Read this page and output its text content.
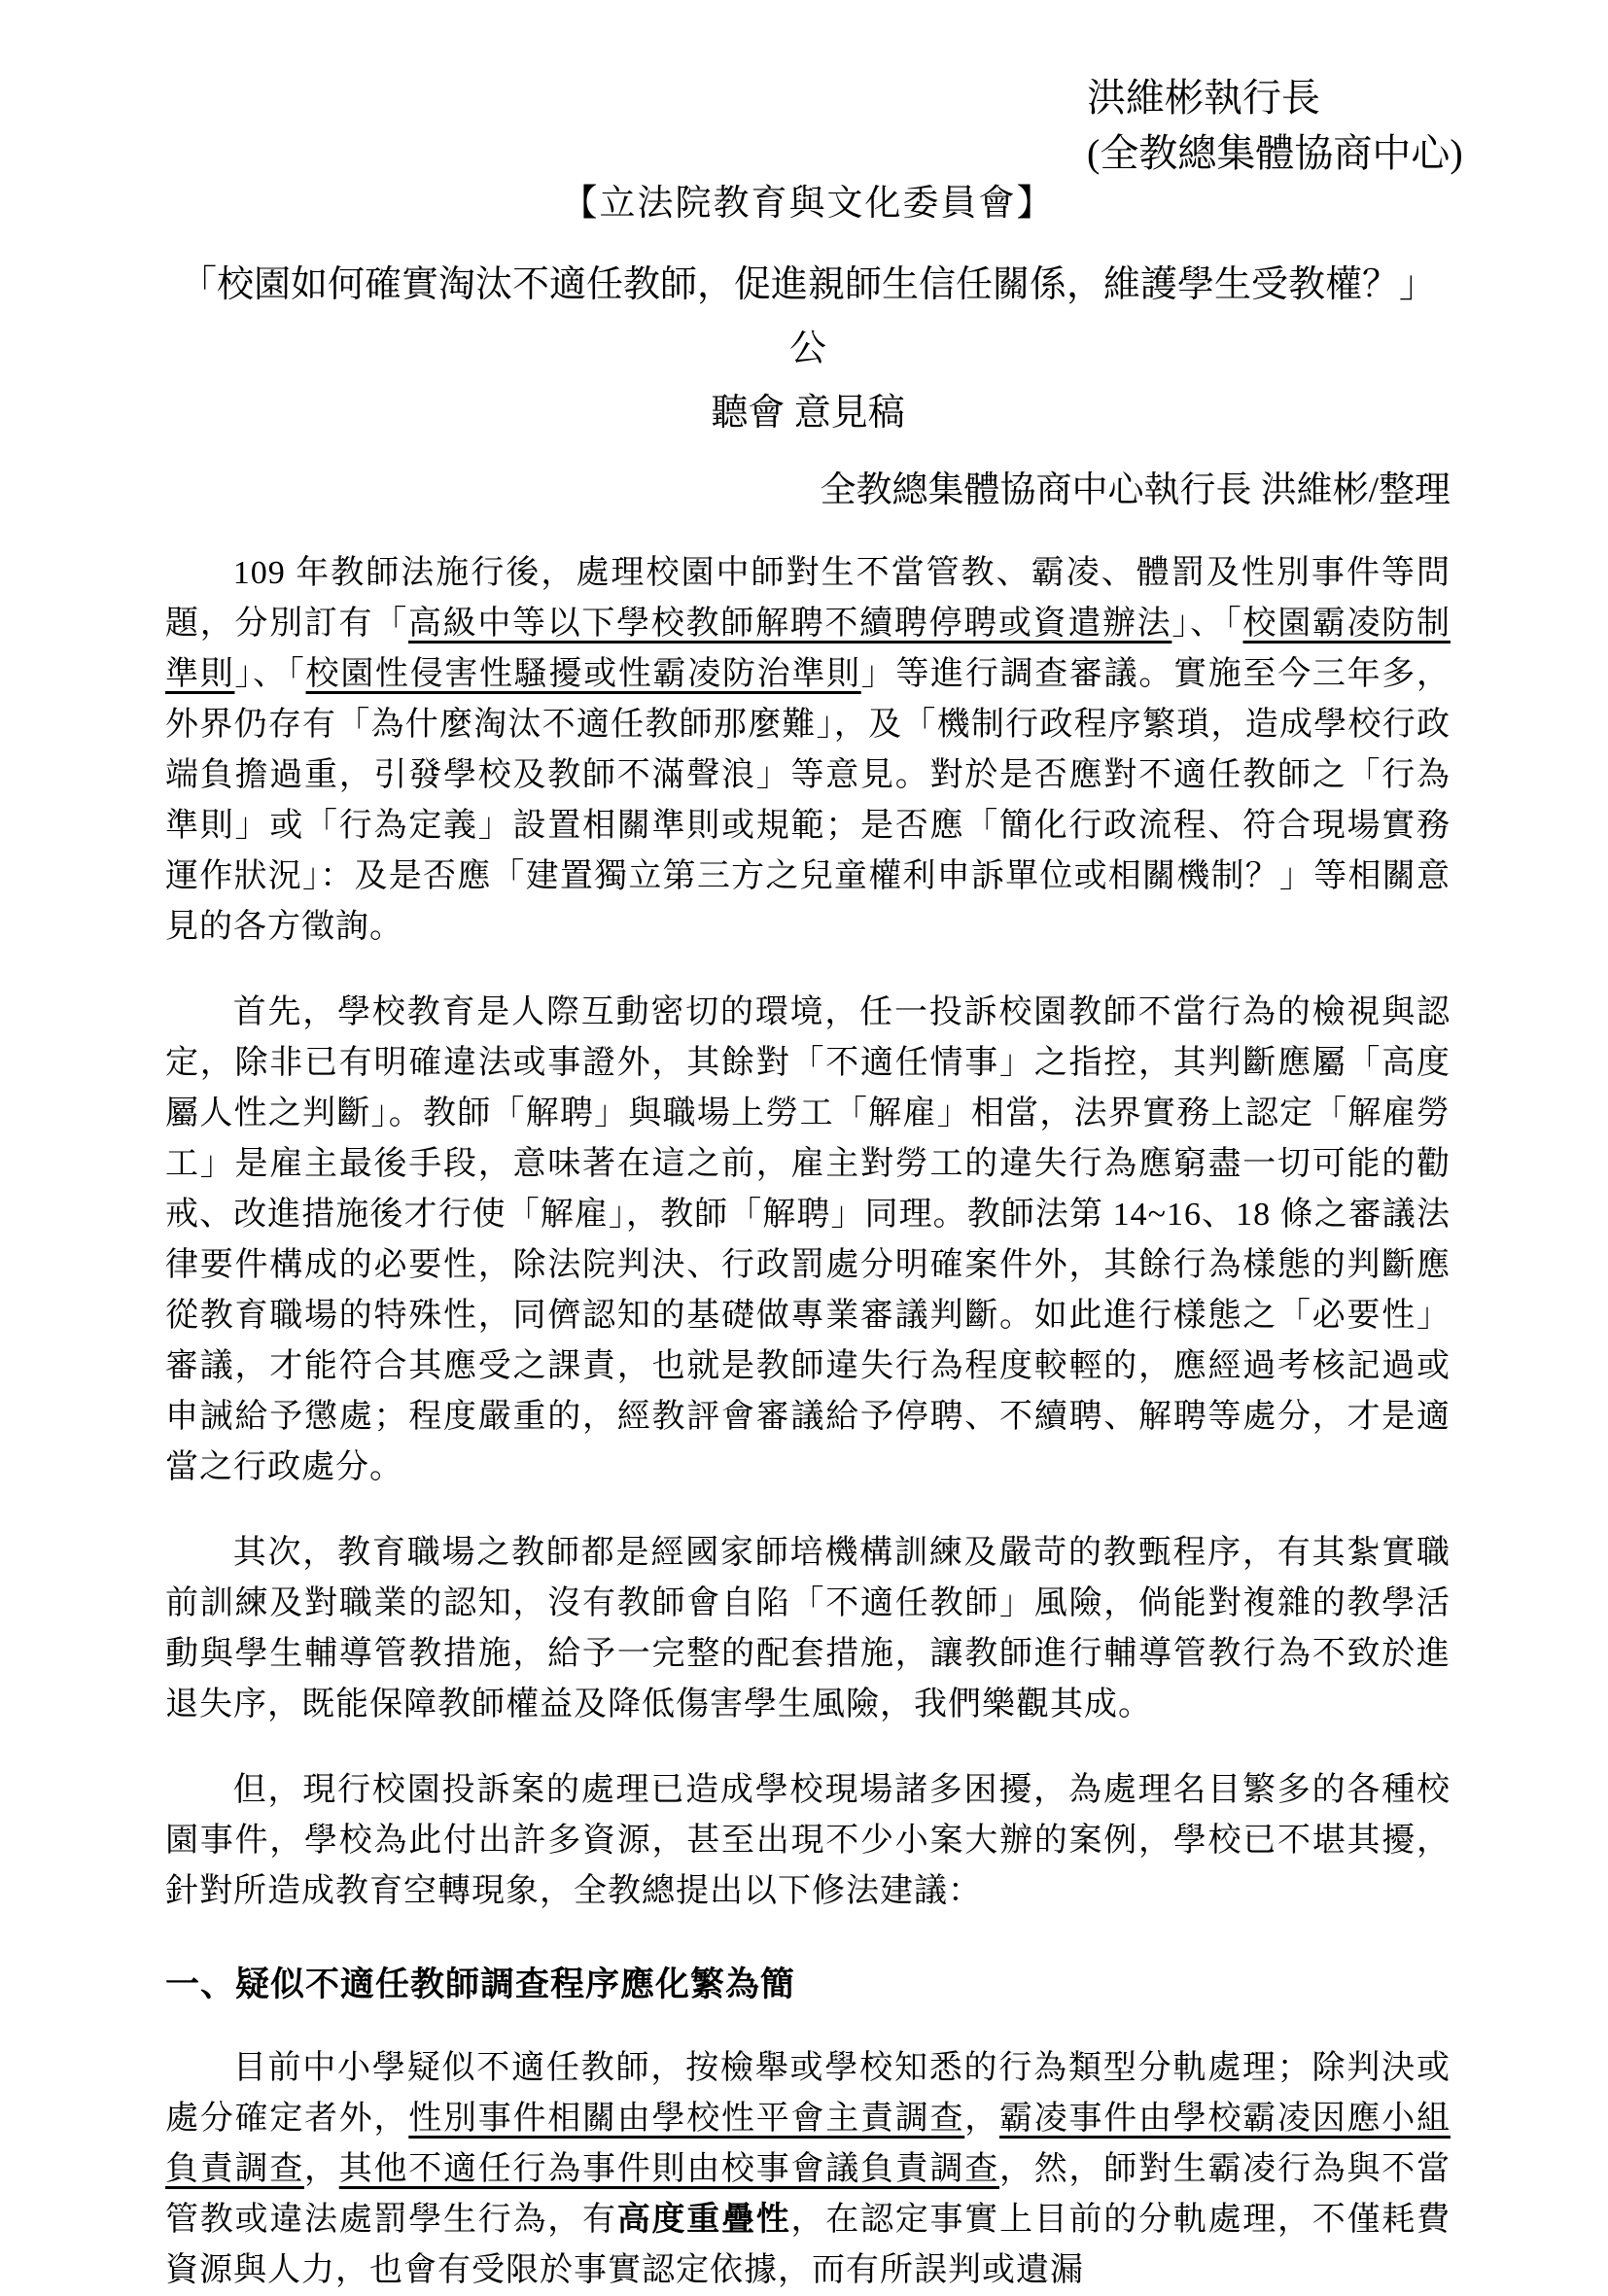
洪維彬執行長
(全教總集體協商中心)
【立法院教育與文化委員會】
「校園如何確實淘汰不適任教師，促進親師生信任關係，維護學生受教權？」公
聽會 意見稿
全教總集體協商中心執行長 洪維彬/整理

109 年教師法施行後，處理校園中師對生不當管教、霸凌、體罰及性別事件等問題，分別訂有「高級中等以下學校教師解聘不續聘停聘或資遣辦法」、「校園霸凌防制準則」、「校園性侵害性騷擾或性霸凌防治準則」等進行調查審議。實施至今三年多，外界仍存有「為什麼淘汰不適任教師那麼難」，及「機制行政程序繁瑣，造成學校行政端負擔過重，引發學校及教師不滿聲浪」等意見。對於是否應對不適任教師之「行為準則」或「行為定義」設置相關準則或規範；是否應「簡化行政流程、符合現場實務運作狀況」：及是否應「建置獨立第三方之兒童權利申訴單位或相關機制？」等相關意見的各方徵詢。

首先，學校教育是人際互動密切的環境，任一投訴校園教師不當行為的檢視與認定，除非已有明確違法或事證外，其餘對「不適任情事」之指控，其判斷應屬「高度屬人性之判斷」。教師「解聘」與職場上勞工「解雇」相當，法界實務上認定「解雇勞工」是雇主最後手段，意味著在這之前，雇主對勞工的違失行為應窮盡一切可能的勸戒、改進措施後才行使「解雇」，教師「解聘」同理。教師法第 14~16、18 條之審議法律要件構成的必要性，除法院判決、行政罰處分明確案件外，其餘行為樣態的判斷應從教育職場的特殊性，同儕認知的基礎做專業審議判斷。如此進行樣態之「必要性」審議，才能符合其應受之課責，也就是教師違失行為程度較輕的，應經過考核記過或申誡給予懲處；程度嚴重的，經教評會審議給予停聘、不續聘、解聘等處分，才是適當之行政處分。

其次，教育職場之教師都是經國家師培機構訓練及嚴苛的教甄程序，有其紮實職前訓練及對職業的認知，沒有教師會自陷「不適任教師」風險，倘能對複雜的教學活動與學生輔導管教措施，給予一完整的配套措施，讓教師進行輔導管教行為不致於進退失序，既能保障教師權益及降低傷害學生風險，我們樂觀其成。

但，現行校園投訴案的處理已造成學校現場諸多困擾，為處理名目繁多的各種校園事件，學校為此付出許多資源，甚至出現不少小案大辦的案例，學校已不堪其擾，針對所造成教育空轉現象，全教總提出以下修法建議：

一、疑似不適任教師調查程序應化繁為簡

目前中小學疑似不適任教師，按檢舉或學校知悉的行為類型分軌處理；除判決或處分確定者外，性別事件相關由學校性平會主責調查，霸凌事件由學校霸凌因應小組負責調查，其他不適任行為事件則由校事會議負責調查，然，師對生霸凌行為與不當管教或違法處罰學生行為，有高度重疊性，在認定事實上目前的分軌處理，不僅耗費資源與人力，也會有受限於事實認定依據，而有所誤判或遺漏
